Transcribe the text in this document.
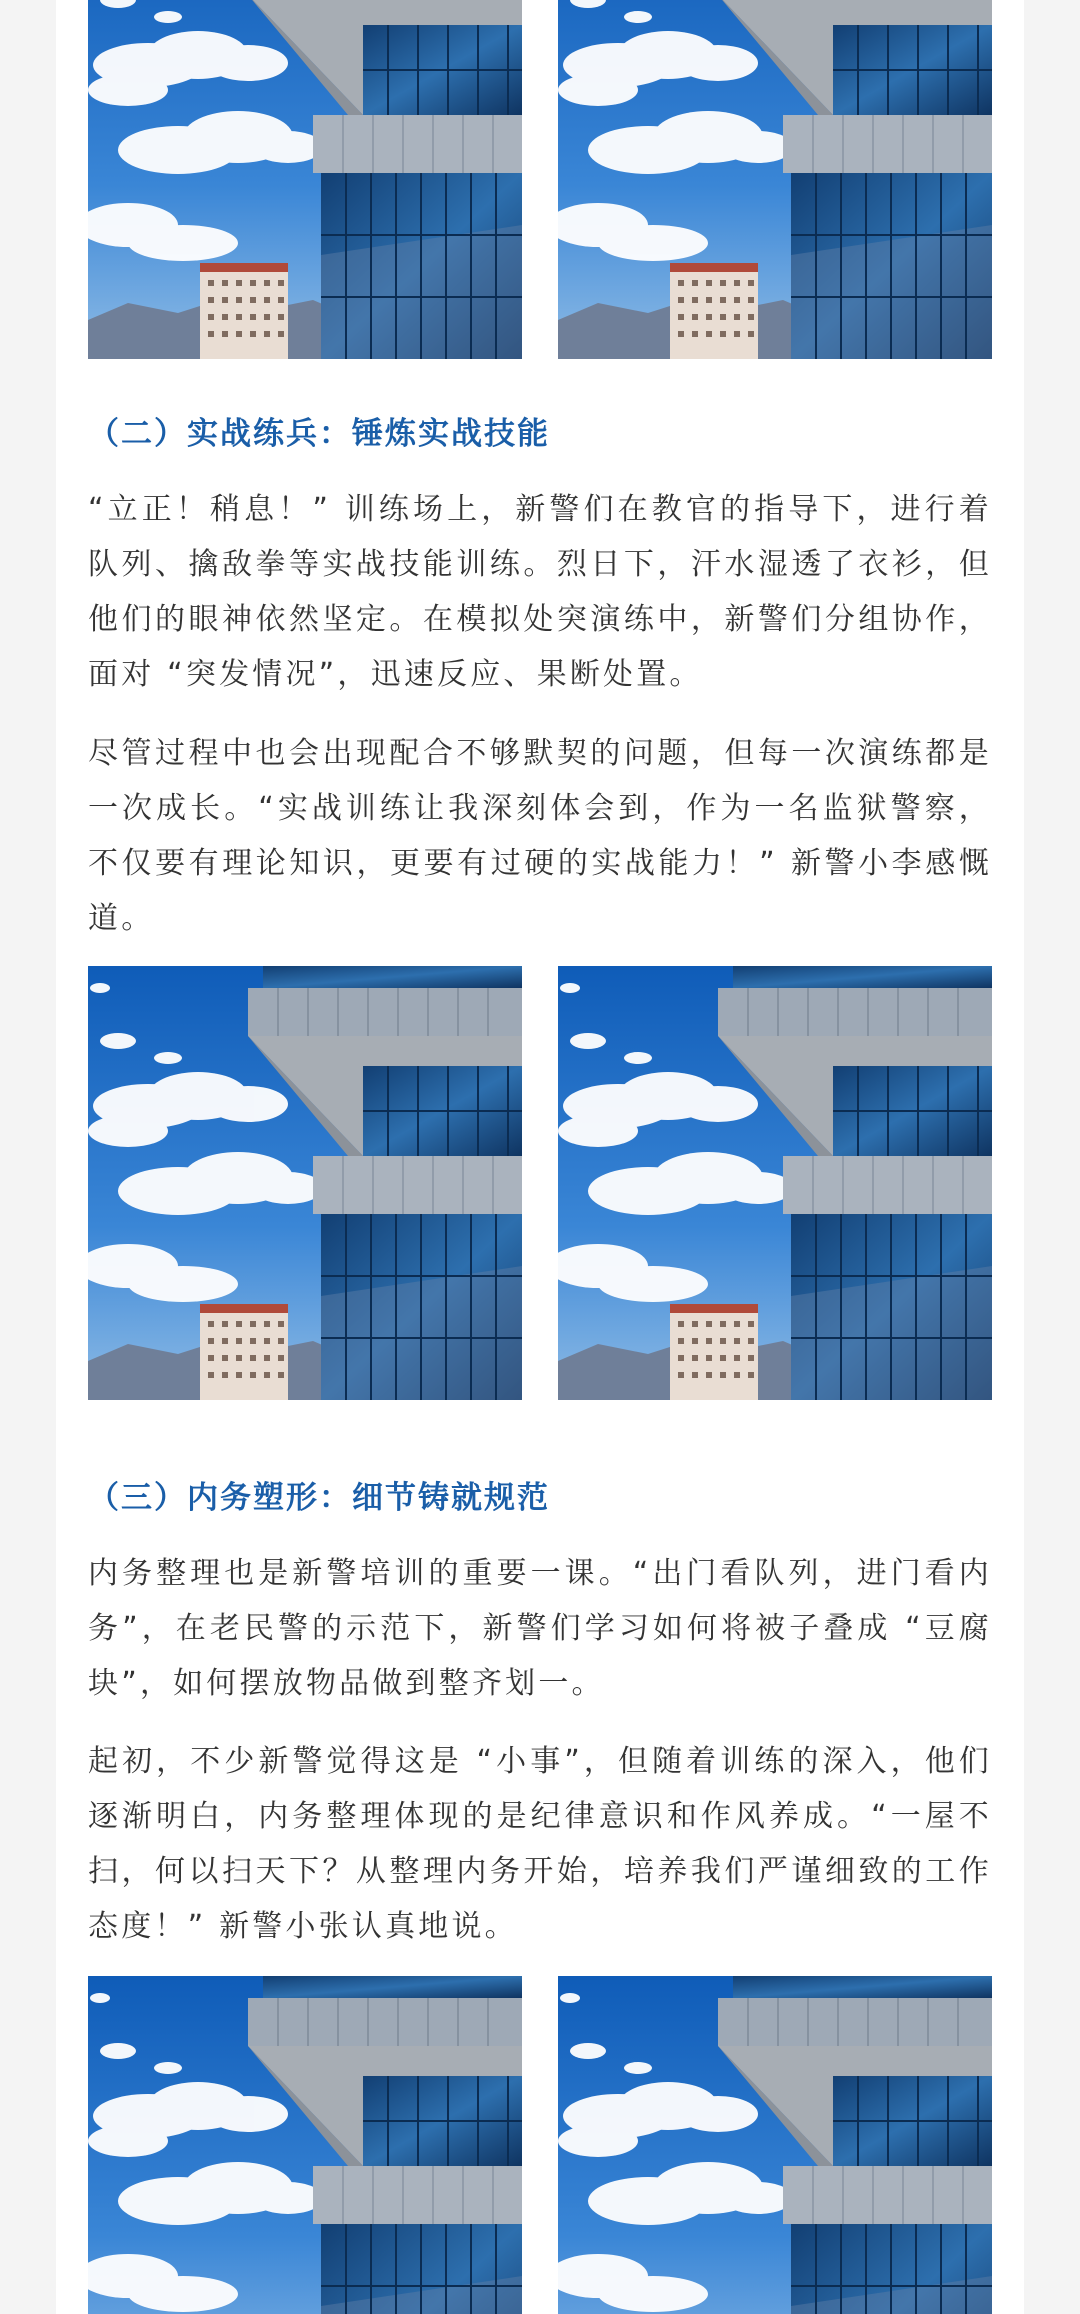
（二）实战练兵：锤炼实战技能

“立正！稍息！” 训练场上，新警们在教官的指导下，进行着队列、擒敌拳等实战技能训练。烈日下，汗水湿透了衣衫，但他们的眼神依然坚定。在模拟处突演练中，新警们分组协作，面对 “突发情况”，迅速反应、果断处置。

尽管过程中也会出现配合不够默契的问题，但每一次演练都是一次成长。“实战训练让我深刻体会到，作为一名监狱警察，不仅要有理论知识，更要有过硬的实战能力！” 新警小李感慨道。

（三）内务塑形：细节铸就规范

内务整理也是新警培训的重要一课。“出门看队列，进门看内务”，在老民警的示范下，新警们学习如何将被子叠成 “豆腐块”，如何摆放物品做到整齐划一。

起初，不少新警觉得这是 “小事”，但随着训练的深入，他们逐渐明白，内务整理体现的是纪律意识和作风养成。“一屋不扫，何以扫天下？从整理内务开始，培养我们严谨细致的工作态度！” 新警小张认真地说。
